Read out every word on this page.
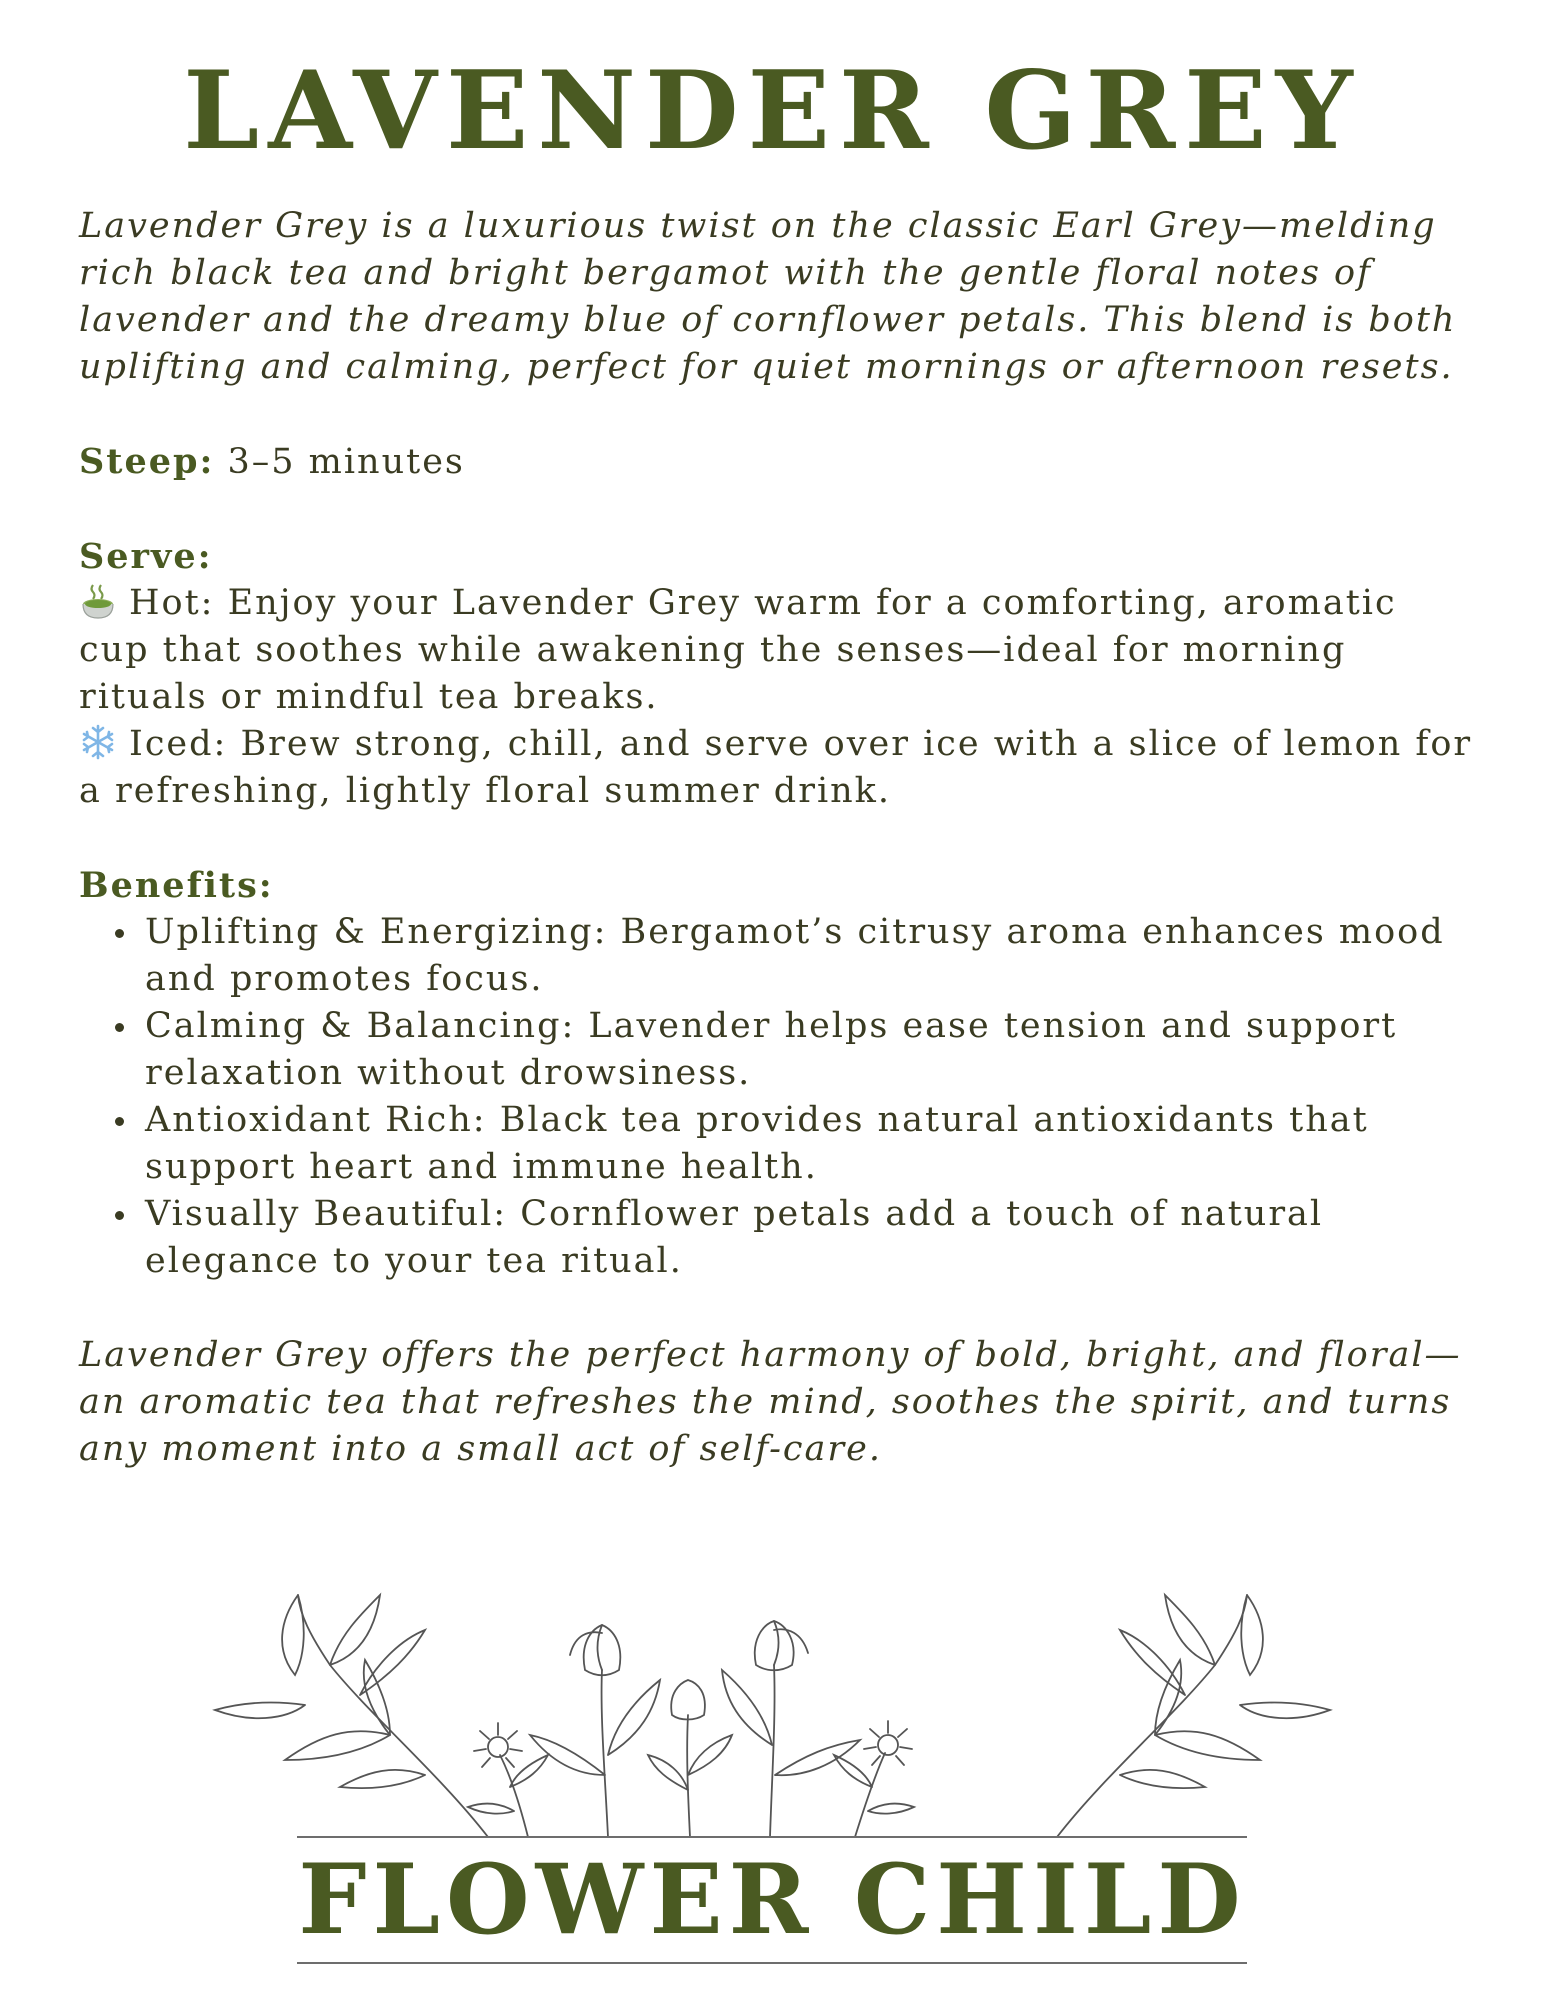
LAVENDER GREY

Lavender Grey is a luxurious twist on the classic Earl Grey—melding rich black tea and bright bergamot with the gentle floral notes of lavender and the dreamy blue of cornflower petals. This blend is both uplifting and calming, perfect for quiet mornings or afternoon resets.

Steep: 3–5 minutes

Serve:

Hot: Enjoy your Lavender Grey warm for a comforting, aromatic cup that soothes while awakening the senses—ideal for morning rituals or mindful tea breaks.

Iced: Brew strong, chill, and serve over ice with a slice of lemon for a refreshing, lightly floral summer drink.

Benefits:

Uplifting & Energizing: Bergamot’s citrusy aroma enhances mood and promotes focus.
Calming & Balancing: Lavender helps ease tension and support relaxation without drowsiness.
Antioxidant Rich: Black tea provides natural antioxidants that support heart and immune health.
Visually Beautiful: Cornflower petals add a touch of natural elegance to your tea ritual.

Lavender Grey offers the perfect harmony of bold, bright, and floral—an aromatic tea that refreshes the mind, soothes the spirit, and turns any moment into a small act of self-care.

FLOWER CHILD
